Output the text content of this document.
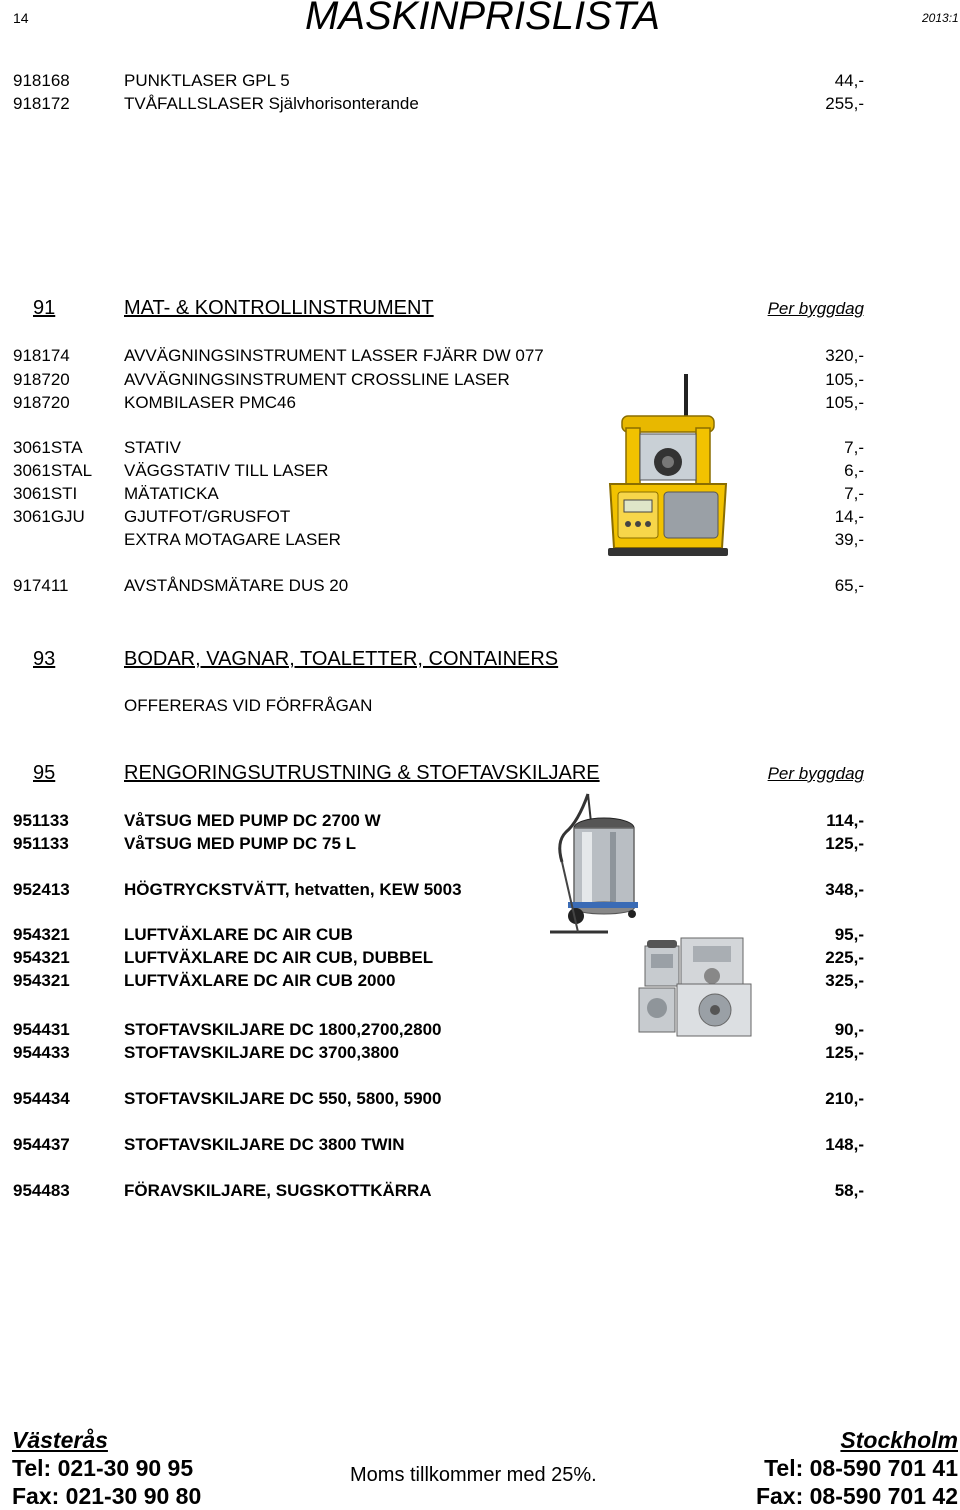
14	MASKINPRISLISTA	2013:1
918168	PUNKTLASER GPL 5	44,-
918172	TVÅFALLSLASER Självhorisonterande	255,-
91	MAT- & KONTROLLINSTRUMENT	Per byggdag
918174	AVVÄGNINGSINSTRUMENT LASSER FJÄRR DW 077	320,-
918720	AVVÄGNINGSINSTRUMENT CROSSLINE LASER	105,-
918720	KOMBILASER PMC46	105,-
3061STA STATIV	7,-
3061STAL VÄGGSTATIV TILL LASER	6,-
3061STI	MÄTATICKA	7,-
3061GJU GJUTFOT/GRUSFOT	14,-
EXTRA MOTAGARE LASER	39,-
917411	AVSTÅNDSMÄTARE DUS 20	65,-
93	BODAR, VAGNAR, TOALETTER, CONTAINERS
OFFERERAS VID FÖRFRÅGAN
95	RENGORINGSUTRUSTNING & STOFTAVSKILJARE	Per byggdag
951133	VåTSUG MED PUMP DC 2700 W	114,-
951133	VåTSUG MED PUMP DC 75 L	125,-
952413	HÖGTRYCKSTVÄTT, hetvatten, KEW 5003	348,-
954321	LUFTVÄXLARE DC AIR CUB	95,-
954321	LUFTVÄXLARE DC AIR CUB, DUBBEL	225,-
954321	LUFTVÄXLARE DC AIR CUB 2000	325,-
954431	STOFTAVSKILJARE DC 1800,2700,2800	90,-
954433	STOFTAVSKILJARE DC 3700,3800	125,-
954434	STOFTAVSKILJARE DC 550, 5800, 5900	210,-
954437	STOFTAVSKILJARE DC 3800 TWIN	148,-
954483	FÖRAVSKILJARE, SUGSKOTTKÄRRA	58,-
Västerås
Tel: 021-30 90 95
Fax: 021-30 90 80
Moms tillkommer med 25%.
Stockholm
Tel: 08-590 701 41
Fax: 08-590 701 42
